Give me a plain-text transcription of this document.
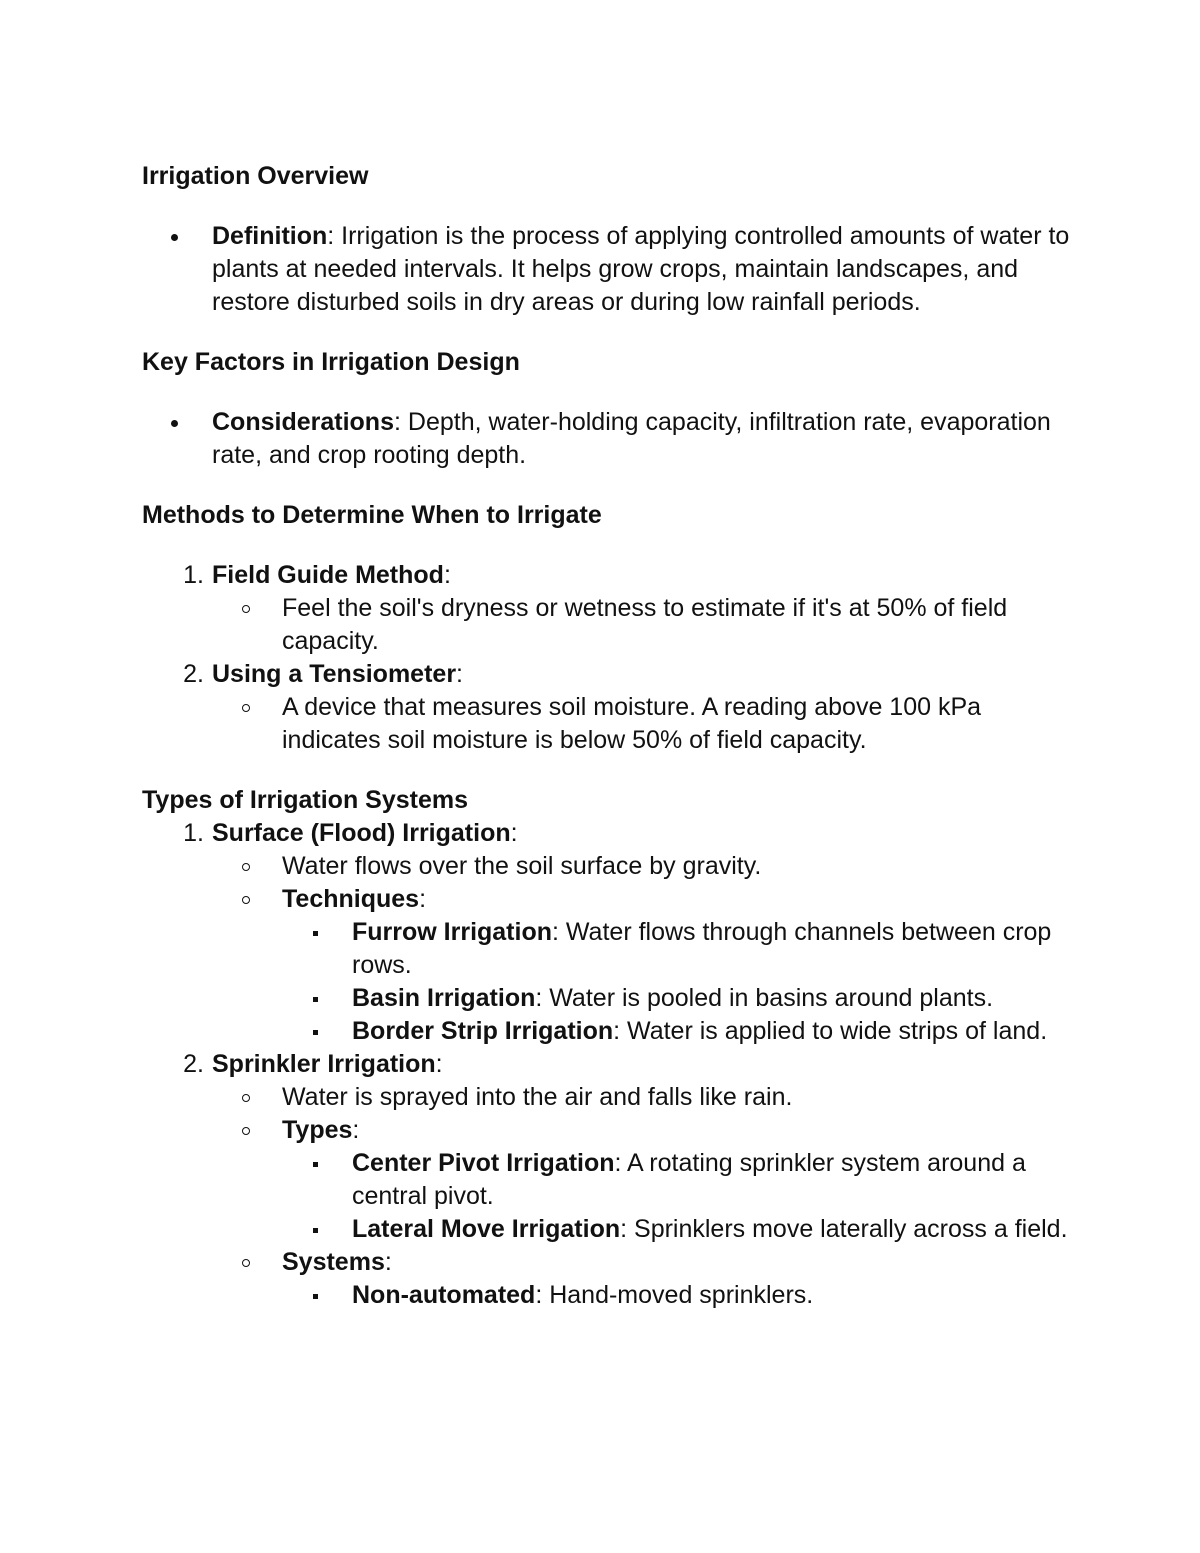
Irrigation Overview
Definition: Irrigation is the process of applying controlled amounts of water to plants at needed intervals. It helps grow crops, maintain landscapes, and restore disturbed soils in dry areas or during low rainfall periods.
Key Factors in Irrigation Design
Considerations: Depth, water-holding capacity, infiltration rate, evaporation rate, and crop rooting depth.
Methods to Determine When to Irrigate
1. Field Guide Method:
Feel the soil's dryness or wetness to estimate if it's at 50% of field capacity.
2. Using a Tensiometer:
A device that measures soil moisture. A reading above 100 kPa indicates soil moisture is below 50% of field capacity.
Types of Irrigation Systems
1. Surface (Flood) Irrigation:
Water flows over the soil surface by gravity.
Techniques:
Furrow Irrigation: Water flows through channels between crop rows.
Basin Irrigation: Water is pooled in basins around plants.
Border Strip Irrigation: Water is applied to wide strips of land.
2. Sprinkler Irrigation:
Water is sprayed into the air and falls like rain.
Types:
Center Pivot Irrigation: A rotating sprinkler system around a central pivot.
Lateral Move Irrigation: Sprinklers move laterally across a field.
Systems:
Non-automated: Hand-moved sprinklers.
